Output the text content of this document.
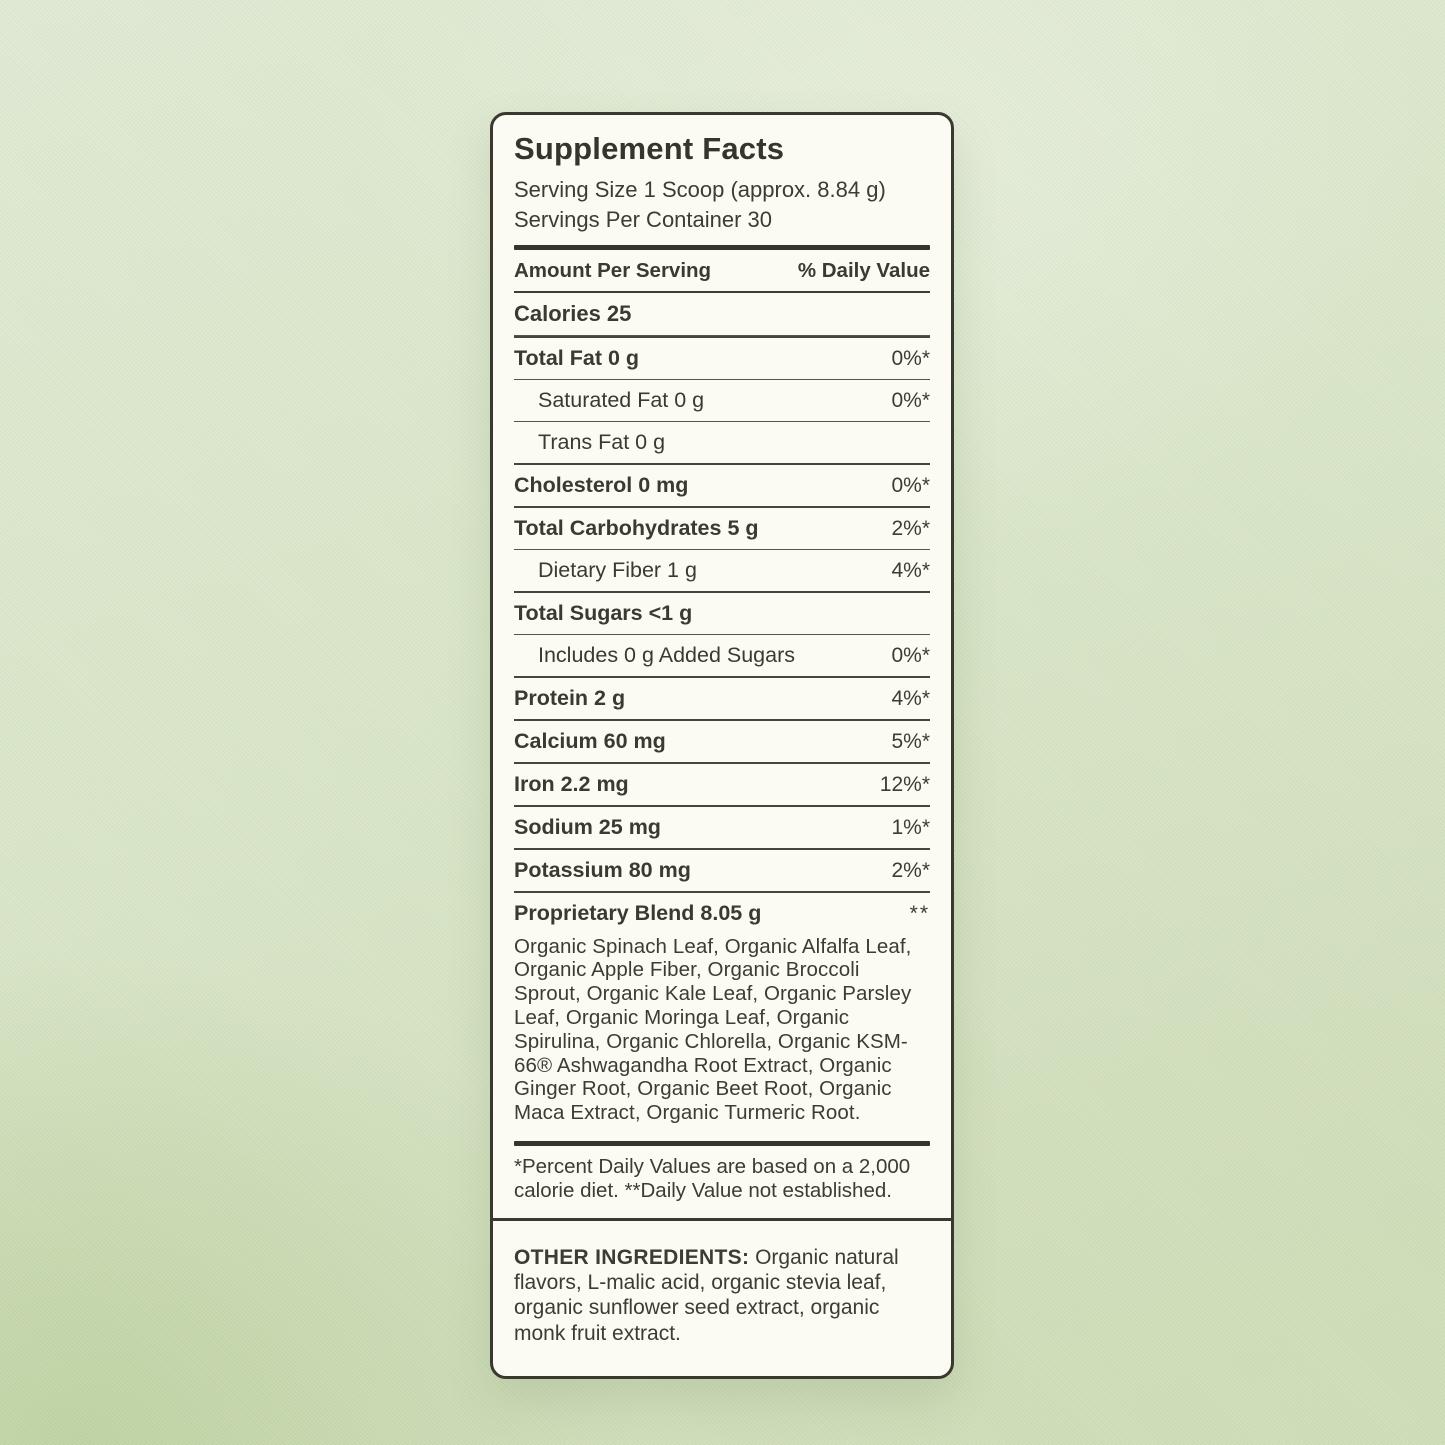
Supplement Facts
Serving Size 1 Scoop (approx. 8.84 g)
Servings Per Container 30
Amount Per Serving	% Daily Value
Calories 25
Total Fat 0 g	0%*
Saturated Fat 0 g	0%*
Trans Fat 0 g
Cholesterol 0 mg	0%*
Total Carbohydrates 5 g	2%*
Dietary Fiber 1 g	4%*
Total Sugars <1 g
Includes 0 g Added Sugars	0%*
Protein 2 g	4%*
Calcium 60 mg	5%*
Iron 2.2 mg	12%*
Sodium 25 mg	1%*
Potassium 80 mg	2%*
Proprietary Blend 8.05 g	**
Organic Spinach Leaf, Organic Alfalfa Leaf, Organic Apple Fiber, Organic Broccoli Sprout, Organic Kale Leaf, Organic Parsley Leaf, Organic Moringa Leaf, Organic Spirulina, Organic Chlorella, Organic KSM-66® Ashwagandha Root Extract, Organic Ginger Root, Organic Beet Root, Organic Maca Extract, Organic Turmeric Root.
*Percent Daily Values are based on a 2,000 calorie diet. **Daily Value not established.
OTHER INGREDIENTS: Organic natural flavors, L-malic acid, organic stevia leaf, organic sunflower seed extract, organic monk fruit extract.
